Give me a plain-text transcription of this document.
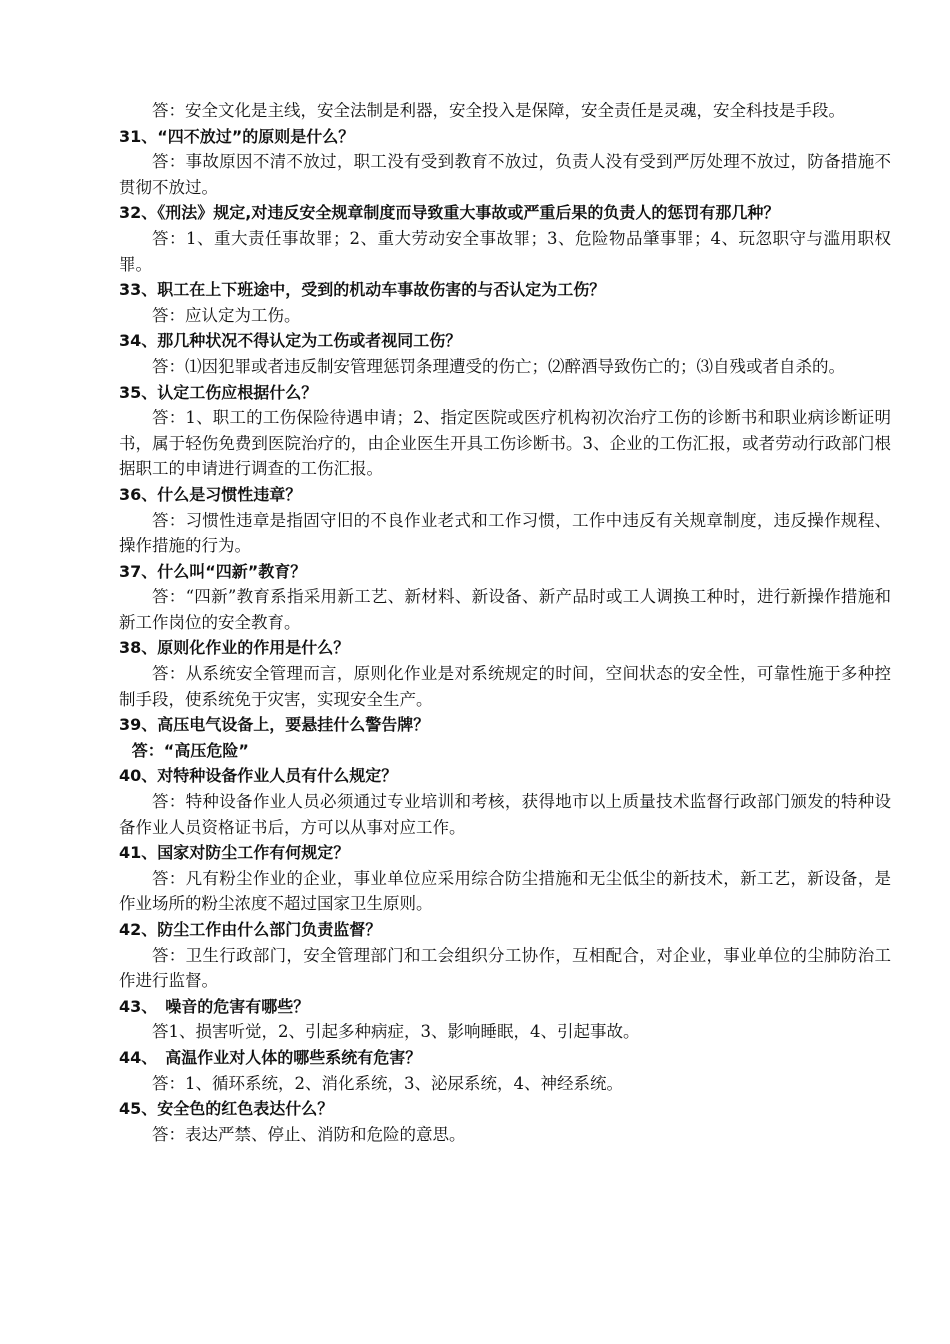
答：安全文化是主线，安全法制是利器，安全投入是保障，安全责任是灵魂，安全科技是手段。

31、“四不放过”的原则是什么？

答：事故原因不清不放过，职工没有受到教育不放过，负责人没有受到严厉处理不放过，防备措施不贯彻不放过。

32、《刑法》规定,对违反安全规章制度而导致重大事故或严重后果的负责人的惩罚有那几种？

答：1、重大责任事故罪；2、重大劳动安全事故罪；3、危险物品肇事罪；4、玩忽职守与滥用职权罪。

33、职工在上下班途中，受到的机动车事故伤害的与否认定为工伤？

答：应认定为工伤。

34、那几种状况不得认定为工伤或者视同工伤？

答：⑴因犯罪或者违反制安管理惩罚条理遭受的伤亡；⑵醉酒导致伤亡的；⑶自残或者自杀的。

35、认定工伤应根据什么？

答：1、职工的工伤保险待遇申请；2、指定医院或医疗机构初次治疗工伤的诊断书和职业病诊断证明书，属于轻伤免费到医院治疗的，由企业医生开具工伤诊断书。3、企业的工伤汇报，或者劳动行政部门根据职工的申请进行调查的工伤汇报。

36、什么是习惯性违章？

答：习惯性违章是指固守旧的不良作业老式和工作习惯，工作中违反有关规章制度，违反操作规程、操作措施的行为。

37、什么叫“四新”教育？

答：“四新”教育系指采用新工艺、新材料、新设备、新产品时或工人调换工种时，进行新操作措施和新工作岗位的安全教育。

38、原则化作业的作用是什么？

答：从系统安全管理而言，原则化作业是对系统规定的时间，空间状态的安全性，可靠性施于多种控制手段，使系统免于灾害，实现安全生产。

39、高压电气设备上，要悬挂什么警告牌？

答：“高压危险”

40、对特种设备作业人员有什么规定？

答：特种设备作业人员必须通过专业培训和考核，获得地市以上质量技术监督行政部门颁发的特种设备作业人员资格证书后，方可以从事对应工作。

41、国家对防尘工作有何规定？

答：凡有粉尘作业的企业，事业单位应采用综合防尘措施和无尘低尘的新技术，新工艺，新设备，是作业场所的粉尘浓度不超过国家卫生原则。

42、防尘工作由什么部门负责监督？

答：卫生行政部门，安全管理部门和工会组织分工协作，互相配合，对企业，事业单位的尘肺防治工作进行监督。

43、　噪音的危害有哪些？

答1、损害听觉，2、引起多种病症，3、影响睡眠，4、引起事故。

44、　高温作业对人体的哪些系统有危害？

答：1、循环系统，2、消化系统，3、泌尿系统，4、神经系统。

45、安全色的红色表达什么？

答：表达严禁、停止、消防和危险的意思。
